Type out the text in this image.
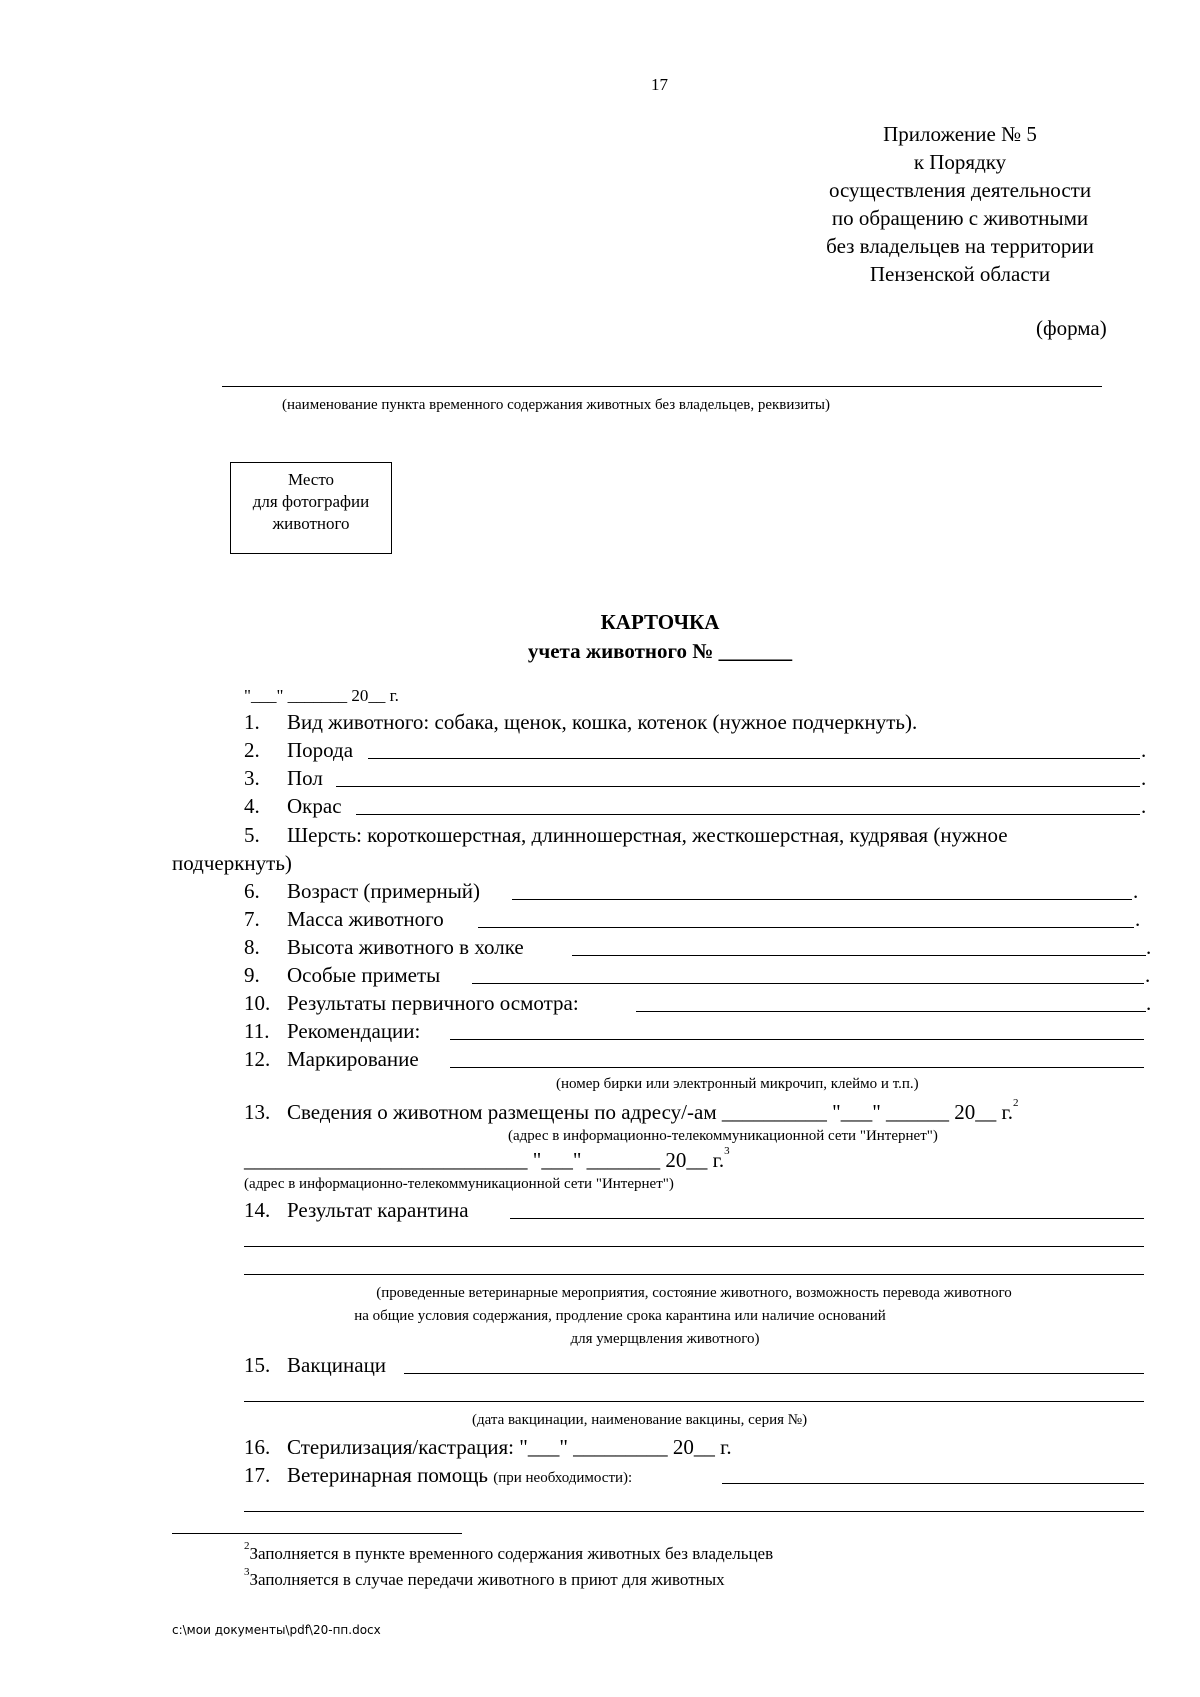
17
Приложение № 5
к Порядку
осуществления деятельности
по обращению с животными
без владельцев на территории
Пензенской области
(форма)
(наименование пункта временного содержания животных без владельцев, реквизиты)
Место
для фотографии
животного
КАРТОЧКА
учета животного № _______
"___" _______ 20__ г.
1. Вид животного: собака, щенок, кошка, котенок (нужное подчеркнуть).
2. Порода	.
3. Пол	.
4. Окрас	.
5. Шерсть: короткошерстная, длинношерстная, жесткошерстная, кудрявая (нужное
подчеркнуть)
6. Возраст (примерный)	.
7. Масса животного	.
8. Высота животного в холке	.
9. Особые приметы	.
10. Результаты первичного осмотра:	.
11. Рекомендации:
12. Маркирование
(номер бирки или электронный микрочип, клеймо и т.п.)
13. Сведения о животном размещены по адресу/-ам __________ "___" ______ 20__ г.$^2$
(адрес в информационно-телекоммуникационной сети "Интернет")
___________________________ "___" _______ 20__ г.$^3$
(адрес в информационно-телекоммуникационной сети "Интернет")
14. Результат карантина
(проведенные ветеринарные мероприятия, состояние животного, возможность перевода животного
на общие условия содержания, продление срока карантина или наличие оснований
для умерщвления животного)
15. Вакцинаци
(дата вакцинации, наименование вакцины, серия №)
16. Стерилизация/кастрация: "___" _________ 20__ г.
17. Ветеринарная помощь (при необходимости):
$^2$Заполняется в пункте временного содержания животных без владельцев
$^3$Заполняется в случае передачи животного в приют для животных
c:\мои документы\pdf\20-пп.docx
